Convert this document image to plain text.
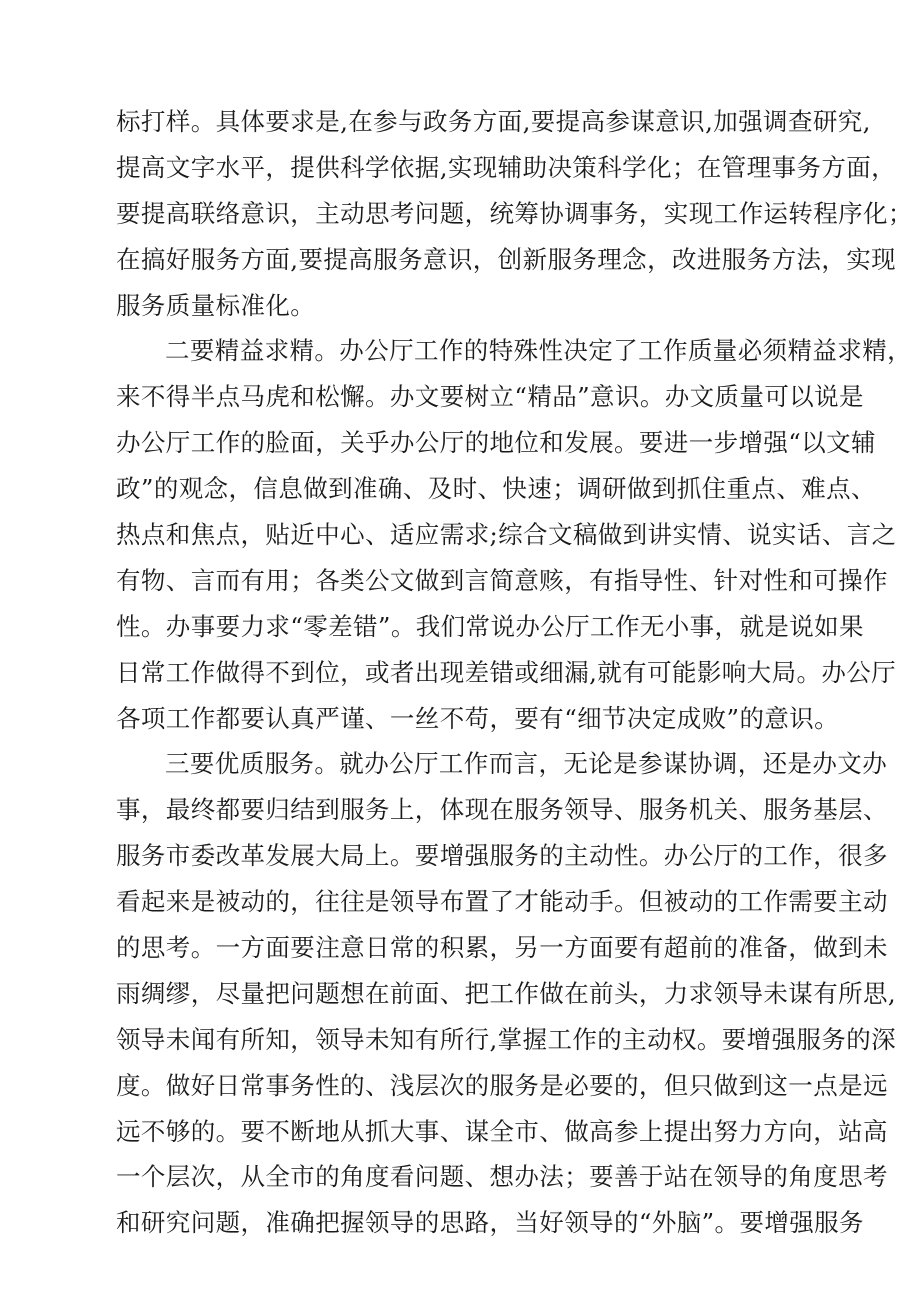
标打样。具体要求是,在参与政务方面,要提高参谋意识,加强调查研究,
提高文字水平，提供科学依据,实现辅助决策科学化；在管理事务方面，
要提高联络意识，主动思考问题，统筹协调事务，实现工作运转程序化；
在搞好服务方面,要提高服务意识，创新服务理念，改进服务方法，实现
服务质量标准化。
二要精益求精。办公厅工作的特殊性决定了工作质量必须精益求精，
来不得半点马虎和松懈。办文要树立“精品”意识。办文质量可以说是
办公厅工作的脸面，关乎办公厅的地位和发展。要进一步增强“以文辅
政”的观念，信息做到准确、及时、快速；调研做到抓住重点、难点、
热点和焦点，贴近中心、适应需求;综合文稿做到讲实情、说实话、言之
有物、言而有用；各类公文做到言简意赅，有指导性、针对性和可操作
性。办事要力求“零差错”。我们常说办公厅工作无小事，就是说如果
日常工作做得不到位，或者出现差错或细漏,就有可能影响大局。办公厅
各项工作都要认真严谨、一丝不苟，要有“细节决定成败”的意识。
三要优质服务。就办公厅工作而言，无论是参谋协调，还是办文办
事，最终都要归结到服务上，体现在服务领导、服务机关、服务基层、
服务市委改革发展大局上。要增强服务的主动性。办公厅的工作，很多
看起来是被动的，往往是领导布置了才能动手。但被动的工作需要主动
的思考。一方面要注意日常的积累，另一方面要有超前的准备，做到未
雨绸缪，尽量把问题想在前面、把工作做在前头，力求领导未谋有所思,
领导未闻有所知，领导未知有所行,掌握工作的主动权。要增强服务的深
度。做好日常事务性的、浅层次的服务是必要的，但只做到这一点是远
远不够的。要不断地从抓大事、谋全市、做高参上提出努力方向，站高
一个层次，从全市的角度看问题、想办法；要善于站在领导的角度思考
和研究问题，准确把握领导的思路，当好领导的“外脑”。要增强服务
